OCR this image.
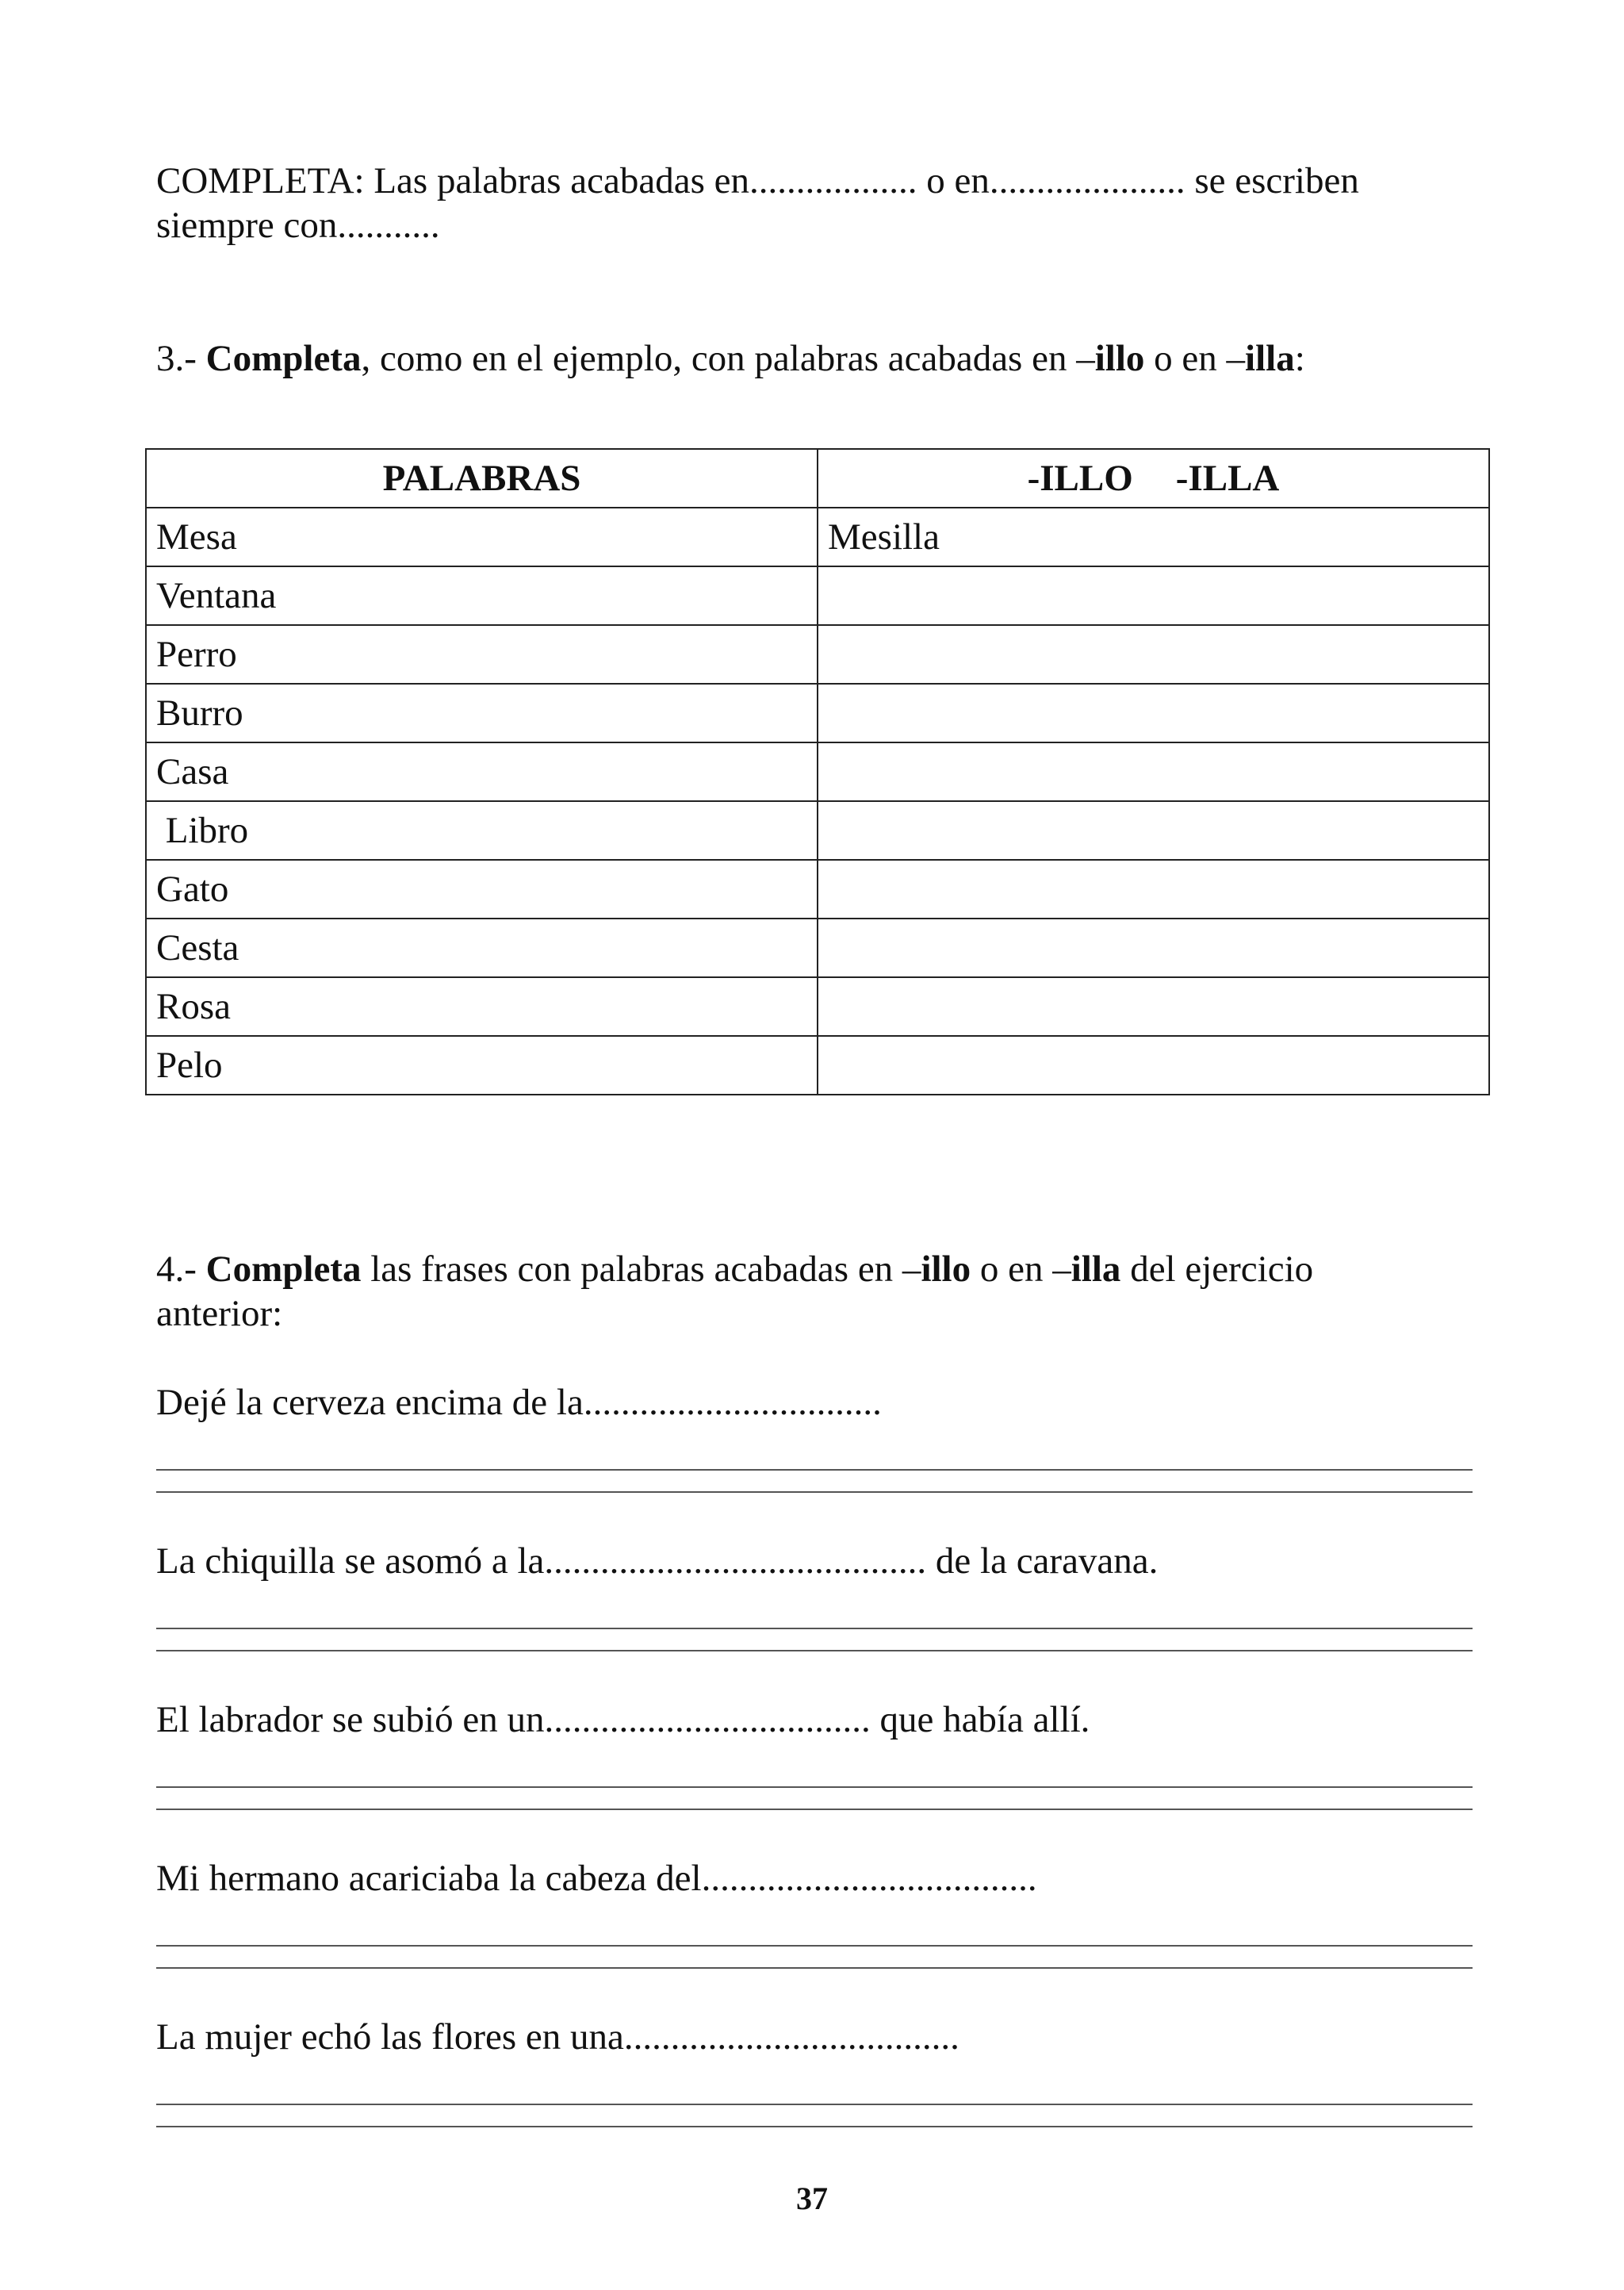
COMPLETA: Las palabras acabadas en.................. o en..................... se escriben
siempre con...........
3.- Completa, como en el ejemplo, con palabras acabadas en –illo o en –illa:
PALABRAS	-ILLO -ILLA
Mesa	Mesilla
Ventana	
Perro	
Burro	
Casa	
Libro	
Gato	
Cesta	
Rosa	
Pelo	
4.- Completa las frases con palabras acabadas en –illo o en –illa del ejercicio
anterior:
Dejé la cerveza encima de la................................
La chiquilla se asomó a la......................................... de la caravana.
El labrador se subió en un................................... que había allí.
Mi hermano acariciaba la cabeza del....................................
La mujer echó las flores en una....................................
37
